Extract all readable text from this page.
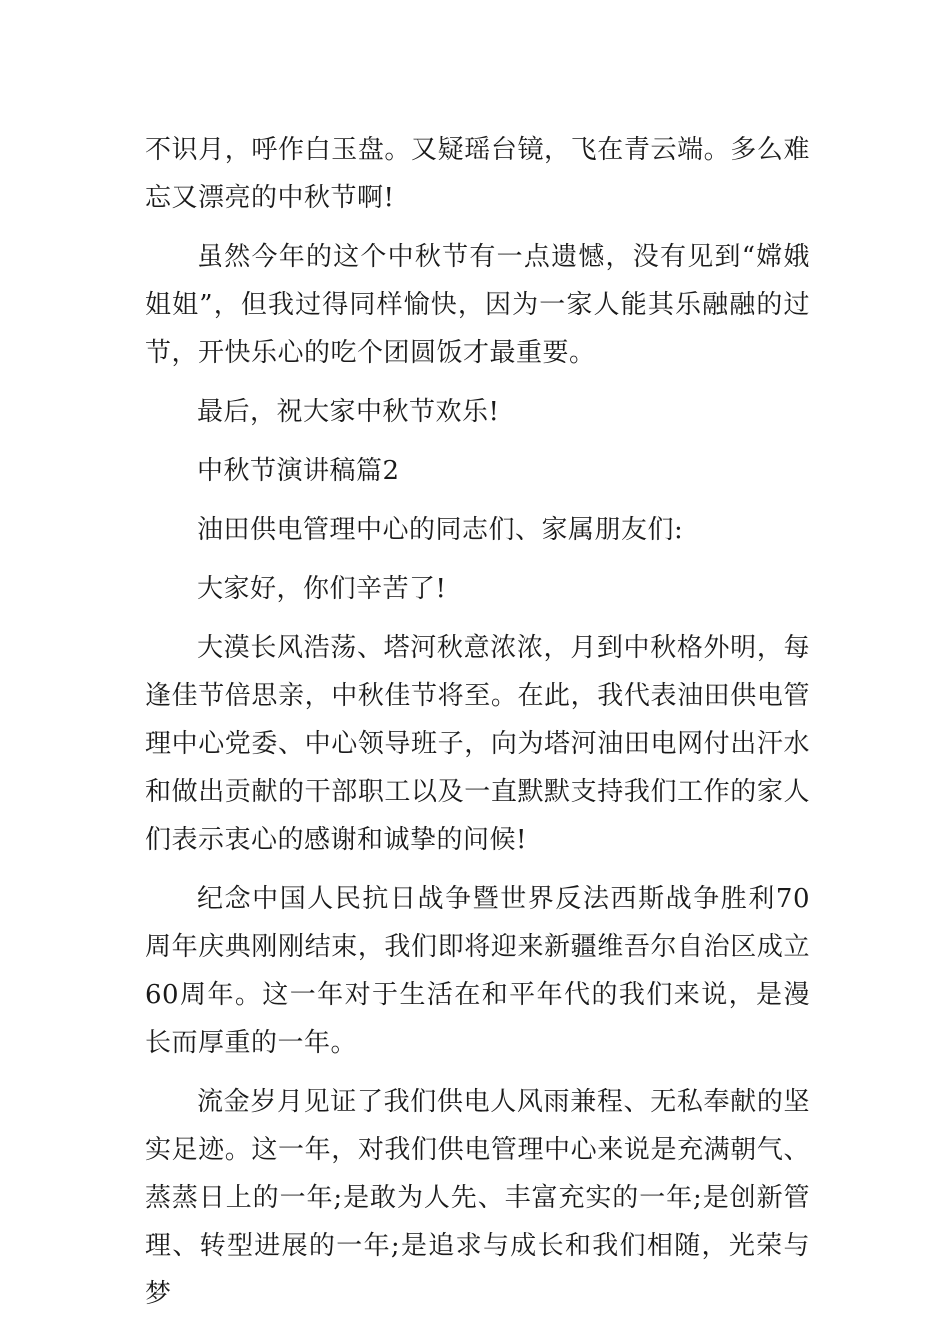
不识月，呼作白玉盘。又疑瑶台镜，飞在青云端。多么难忘又漂亮的中秋节啊!

虽然今年的这个中秋节有一点遗憾，没有见到“嫦娥姐姐”，但我过得同样愉快，因为一家人能其乐融融的过节，开快乐心的吃个团圆饭才最重要。

最后，祝大家中秋节欢乐!

中秋节演讲稿篇2

油田供电管理中心的同志们、家属朋友们:

大家好，你们辛苦了!

大漠长风浩荡、塔河秋意浓浓，月到中秋格外明，每逢佳节倍思亲，中秋佳节将至。在此，我代表油田供电管理中心党委、中心领导班子，向为塔河油田电网付出汗水和做出贡献的干部职工以及一直默默支持我们工作的家人们表示衷心的感谢和诚挚的问候!

纪念中国人民抗日战争暨世界反法西斯战争胜利70周年庆典刚刚结束，我们即将迎来新疆维吾尔自治区成立60周年。这一年对于生活在和平年代的我们来说，是漫长而厚重的一年。

流金岁月见证了我们供电人风雨兼程、无私奉献的坚实足迹。这一年，对我们供电管理中心来说是充满朝气、蒸蒸日上的一年;是敢为人先、丰富充实的一年;是创新管理、转型进展的一年;是追求与成长和我们相随，光荣与梦
